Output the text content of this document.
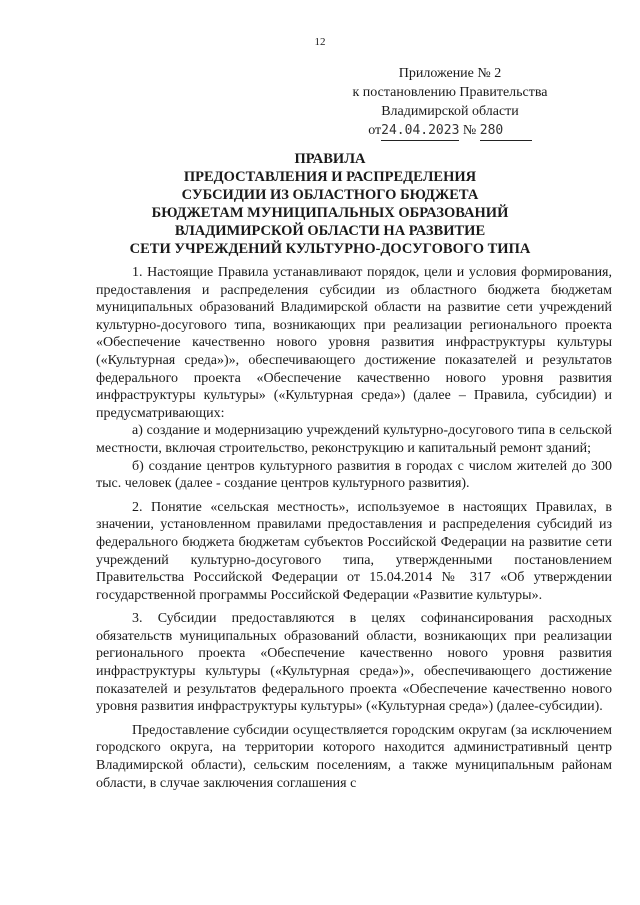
12
Приложение № 2
к постановлению Правительства
Владимирской области
от24.04.2023 № 280
ПРАВИЛА
ПРЕДОСТАВЛЕНИЯ И РАСПРЕДЕЛЕНИЯ
СУБСИДИИ ИЗ ОБЛАСТНОГО БЮДЖЕТА
БЮДЖЕТАМ МУНИЦИПАЛЬНЫХ ОБРАЗОВАНИЙ
ВЛАДИМИРСКОЙ ОБЛАСТИ НА РАЗВИТИЕ
СЕТИ УЧРЕЖДЕНИЙ КУЛЬТУРНО-ДОСУГОВОГО ТИПА

1. Настоящие Правила устанавливают порядок, цели и условия формирования, предоставления и распределения субсидии из областного бюджета бюджетам муниципальных образований Владимирской области на развитие сети учреждений культурно-досугового типа, возникающих при реализации регионального проекта «Обеспечение качественно нового уровня развития инфраструктуры культуры («Культурная среда»)», обеспечивающего достижение показателей и результатов федерального проекта «Обеспечение качественно нового уровня развития инфраструктуры культуры» («Культурная среда») (далее – Правила, субсидии) и предусматривающих:

а) создание и модернизацию учреждений культурно-досугового типа в сельской местности, включая строительство, реконструкцию и капитальный ремонт зданий;

б) создание центров культурного развития в городах с числом жителей до 300 тыс. человек (далее - создание центров культурного развития).

2. Понятие «сельская местность», используемое в настоящих Правилах, в значении, установленном правилами предоставления и распределения субсидий из федерального бюджета бюджетам субъектов Российской Федерации на развитие сети учреждений культурно-досугового типа, утвержденными постановлением Правительства Российской Федерации от 15.04.2014 № 317 «Об утверждении государственной программы Российской Федерации «Развитие культуры».

3. Субсидии предоставляются в целях софинансирования расходных обязательств муниципальных образований области, возникающих при реализации регионального проекта «Обеспечение качественно нового уровня развития инфраструктуры культуры («Культурная среда»)», обеспечивающего достижение показателей и результатов федерального проекта «Обеспечение качественно нового уровня развития инфраструктуры культуры» («Культурная среда») (далее-субсидии).

Предоставление субсидии осуществляется городским округам (за исключением городского округа, на территории которого находится административный центр Владимирской области), сельским поселениям, а также муниципальным районам области, в случае заключения соглашения с
